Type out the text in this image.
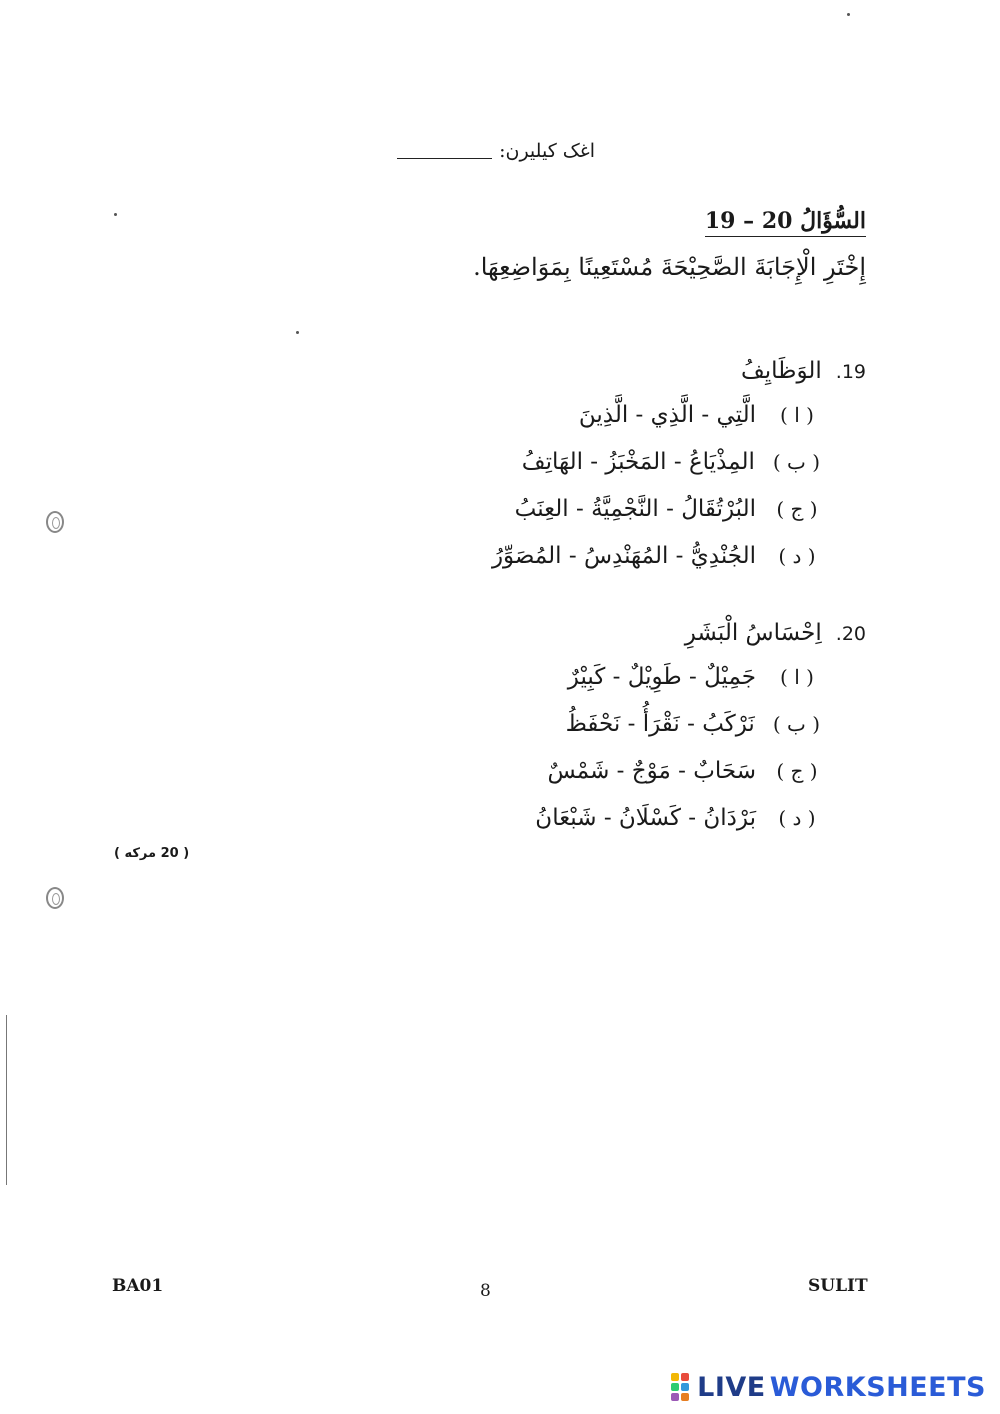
اغک کیلیرن:
السُّؤَالُ 20 – 19
إِخْتَرِ الْإِجَابَةَ الصَّحِيْحَةَ مُسْتَعِينًا بِمَوَاضِعِهَا.
19.
الوَظَايِفُ
( ا )
الَّتِي - الَّذِي - الَّذِينَ
( ب )
المِذْيَاعُ - المَخْبَزُ - الهَاتِفُ
( ج )
البُرْتُقَالُ - النَّجْمِيَّةُ - العِنَبُ
( د )
الجُنْدِيُّ - المُهَنْدِسُ - المُصَوِّرُ
20.
اِحْسَاسُ الْبَشَرِ
( ا )
جَمِيْلٌ - طَوِيْلٌ - كَبِيْرٌ
( ب )
نَرْكَبُ - نَقْرَأُ - نَحْفَظُ
( ج )
سَحَابٌ - مَوْجٌ - شَمْسٌ
( د )
بَرْدَانُ - كَسْلَانُ - شَبْعَانُ
( 20 مركه )
BA01	8	SULIT
LIVE WORKSHEETS
